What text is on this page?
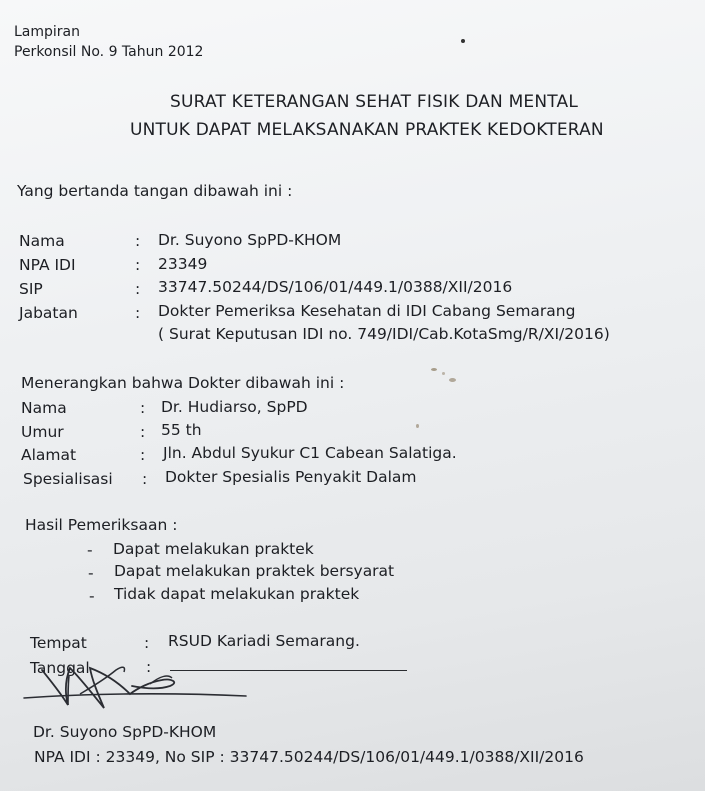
Lampiran
Perkonsil No. 9 Tahun 2012
SURAT KETERANGAN SEHAT FISIK DAN MENTAL
UNTUK DAPAT MELAKSANAKAN PRAKTEK KEDOKTERAN
Yang bertanda tangan dibawah ini :
Nama	: Dr. Suyono SpPD-KHOM
NPA IDI	: 23349
SIP	: 33747.50244/DS/106/01/449.1/0388/XII/2016
Jabatan	: Dokter Pemeriksa Kesehatan di IDI Cabang Semarang
( Surat Keputusan IDI no. 749/IDI/Cab.KotaSmg/R/XI/2016)
Menerangkan bahwa Dokter dibawah ini :
Nama	: Dr. Hudiarso, SpPD
Umur	: 55 th
Alamat	: Jln. Abdul Syukur C1 Cabean Salatiga.
Spesialisasi : Dokter Spesialis Penyakit Dalam
Hasil Pemeriksaan :
- Dapat melakukan praktek
- Dapat melakukan praktek bersyarat
- Tidak dapat melakukan praktek
Tempat	: RSUD Kariadi Semarang.
Tanggal	:
Dr. Suyono SpPD-KHOM
NPA IDI : 23349, No SIP : 33747.50244/DS/106/01/449.1/0388/XII/2016
